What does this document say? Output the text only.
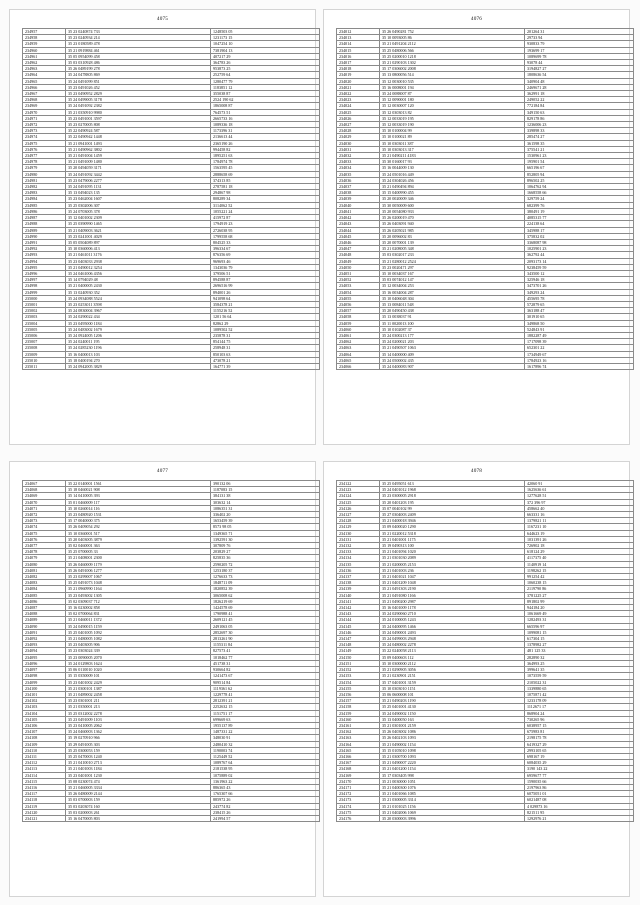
4075
234957	35 23 0240874 733	1248503 05
234958	35 23 0240934 214	1231173 15
234959	35 23 0180589 478	1047254 10
234960	35 21 0919884 461	7381904 13
234961	35 05 0954099 458	407217 29
234962	35 03 0310928 486	364783 26
234963	35 26 0489199 278	953873 25
234964	35 24 0478805 869	252759 64
234965	35 24 0491099 851	1280477 79
234966	35 23 0491026 452	1183851 12
234967	35 23 0490952 2829	355038 87
234968	35 24 0499005 3178	2524 190 62
234969	35 24 0491092 2382	1865008 87
234970	35 21 0350910 9980	764573 51
234971	35 23 0491001 3597	2665733 16
234972	35 23 0270005 808	1089336 18
234973	35 22 0490924 587	1173396 31
234974	35 22 0490942 1448	2136613 44
234975	35 21 0941001 1493	2365190 26
234976	35 21 0490962 3802	994458 82
234977	35 21 0491004 1459	1895251 63
234978	35 21 0491009 1480	1784974 78
234979	35 20 0494059 3171	1563595 45
234980	35 24 0491092 3442	2888658 69
234981	35 23 0479006 2277	374313 85
234982	35 24 0491095 1131	2787581 18
234983	35 13 0494023 135	294867 98
234984	35 23 0462004 1607	808289 34
234985	35 25 0302006 307	3114062 52
234986	35 24 0703005 378	1055221 24
234987	35 12 0401002 2309	415972 87
234988	35 25 0390990 1465	1794919 23
234989	35 21 0409003 3621	2726038 95
234990	35 23 0241001 4029	1799558 68
234991	35 05 0504089 897	804525 33
234992	35 10 0360006 413	396334 67
234993	35 21 0461011 3176	876356 69
234994	35 23 0403033 2938	969693 46
234995	35 21 0490012 3254	1343036 79
234996	35 24 0461006 4356	379506 51
234997	35 14 0794029 48	894588 87
234998	35 21 0400005 2430	2696516 99
234999	35 13 0240930 352	894001 26
235000	35 24 0934088 5524	941098 64
235001	35 23 0253011 3598	3584378 21
235002	35 24 0830004 3967	1155216 52
235003	35 24 0290022 434	1201 56 64
235004	35 23 0495000 1184	82862 29
235005	35 24 0483002 1679	1089502 52
235006	35 24 0924005 1206	235878 31
235007	35 24 0240011 195	854144 75
235008	35 24 0285230 1196	258948 31
235009	35 16 0400013 103	850103 63
235010	35 18 0400194 270	473078 21
235011	35 24 0942005 3829	164771 39
4076
234012	35 26 0490281 752	201264 31
234013	35 10 0093005 86	29733 94
234014	35 21 0491204 2112	930833 79
234015	35 25 0480006 566	193699 17
234016	35 25 0200010 1218	1089699 78
234017	35 21 0290103 1302	93078 44
234018	35 17 0306002 2008	3194827 27
234019	35 13 0800056 514	1808636 54
234020	35 12 0030010 535	340904 48
234021	35 16 0008001 194	2469671 28
234022	35 24 0088007 87	362991 18
234023	35 12 0090001 180	249052 22
234024	35 12 0030007 120	772184 84
234025	35 12 0303013 82	349150 63
234026	35 12 0033019 195	829178 86
234027	35 12 0033019 190	1236006 23
234028	35 10 0100004 99	339898 33
234029	35 10 0100021 89	285474 27
234030	35 10 0303011 387	361598 35
234031	35 10 0303013 317	375541 21
234032	35 21 0490211 4183	1530961 23
234033	35 30 0160017 93	195901 54
234034	35 16 0044009 130	665196 67
234035	35 24 0501016 449	852805 94
234036	35 24 0304026 456	896502 25
234037	35 21 0490494 894	1064762 94
234038	35 15 0400990 455	1668558 66
234039	35 20 0020009 346	329759 24
234040	35 30 0050009 600	682399 76
234041	35 20 0054080 933	380491 19
234042	35 26 0200019 470	4085315 77
234043	35 26 0403091 940	224138 64
234044	35 26 0205021 985	345988 17
234045	35 20 0096002 83	375832 02
234046	35 20 0070001 139	3368087 98
234047	35 21 0208005 348	1025901 23
234048	35 03 0302017 233	362792 44
234049	35 21 0280012 2524	2093173 14
234050	35 23 0020471 297	9238459 59
234051	35 10 0034037 167	343500 12
234052	35 03 0074012 147	325946 18
234053	35 12 0034004 253	3473701 26
234054	35 16 0034004 287	349293 24
234055	35 10 0406048 304	455695 78
234056	35 13 0084011 548	572879 65
234057	35 20 0490450 438	363188 47
234058	35 13 0038037 91	301910 65
234059	35 11 0020013 100	349868 50
234060	35 10 0102087 37	524843 91
234061	35 24 0300213 177	1882287 49
234062	35 24 0200021 203	1717098 39
234063	35 21 0490507 1063	652301 22
234064	35 14 0400000 409	1734949 67
234065	35 24 0500002 435	1784923 16
234066	35 24 0400083 907	1617896 74
4077
234067	35 22 0140001 1561	390132 06
234068	35 18 0460021 908	1187083 15
234069	35 14 0410005 393	384131 38
234070	35 01 0460009 117	303632 14
234071	35 10 0260014 116	1086351 31
234072	35 23 0480920 1531	336402 20
234073	35 17 0040000 375	1653459 39
234074	35 26 0409054 292	8573 98 05
234075	35 10 0360001 517	1349365 71
234076	35 20 0403005 3879	1392591 30
234077	35 02 0460001 363	307809 76
234078	35 25 0700005 33	203829 27
234079	35 21 0408001 2300	825835 36
234080	35 26 0460009 1179	2590205 72
234081	35 26 0491006 1277	1253180 37
234082	35 23 0299007 1067	1276633 73
234083	35 25 0491073 1048	1848711 09
234084	35 21 0960990 1164	1820852 39
234085	35 23 0493002 1305	3065008 62
234086	35 02 0309037 712	1826219 69
234087	35 16 0230002 858	1424578 69
234088	35 02 0700064 831	1790988 41
234089	35 21 0460011 1372	2609121 45
234090	35 24 0490015 1159	2491063 05
234091	35 25 0401005 1092	2852697 30
234092	35 21 0480005 1082	2813261 90
234093	35 23 0403005 906	1155311 84
234094	35 23 0303024 339	827573 41
234095	35 23 0090005 2070	1018462 77
234096	35 24 0129803 1624	451738 31
234097	35 06 0110010 1020	930664 82
234098	35 15 0350009 101	1241473 67
234099	35 23 0401002 2429	909514 84
234100	35 21 0300101 1387	1119361 62
234101	35 21 0489002 2458	1229778 41
234102	35 23 0301001 211	2812391 21
234103	35 21 0350001 213	2252632 15
234104	35 25 0312002 2278	1151751 17
234105	35 23 0491009 1103	699669 63
234106	35 23 0410005 2062	1955137 89
234107	35 24 0460003 1362	1487331 22
234108	35 19 0270910 966	348030 91
234109	35 29 0491005 303	2480410 32
234110	35 25 0300053 159	1190003 74
234111	35 25 0470003 1240	1125449 52
234112	35 21 0410010 2713	1089767 64
234113	35 21 0401003 1184	2181538 95
234114	35 23 0401001 1230	1075889 02
234115	35 08 0230074 474	1361963 22
234116	35 21 0460005 3334	886365 43
234117	35 26 0480009 2144	1765307 66
234118	35 03 0700003 159	885972 26
234119	35 03 0203074 160	243774 82
234120	35 03 0200003 261	238415 26
234121	35 16 0470005 803	241994 57
4078
234122	35 25 0495051 613	42060 91
234123	35 24 0401012 1968	1625636 61
234124	35 23 0300005 2918	1277628 51
234125	35 20 0401203 195	372 396 97
234126	35 07 0040102 99	458662 40
234127	35 27 0304003 2409	663331 16
234128	35 21 0400018 3946	1379821 11
234129	35 09 0400020 1290	1167231 10
234130	35 21 0220012 5318	644623 19
234131	35 21 0401001 1175	1031391 26
234132	35 19 0490313 100	726902 18
234133	35 21 0401094 1020	618124 29
234134	35 21 0301030 2089	4117375 40
234135	35 21 0200005 2153	1140919 14
234136	35 21 0401003 236	1198262 15
234137	35 21 0401021 1047	991254 42
234138	35 21 0401209 1048	1060238 15
234139	35 21 0491303 2190	2119790 86
234140	35 21 0491080 1166	3781225 27
234141	35 21 0490200 2987	891802 99
234142	35 16 0401009 1178	944184 20
234143	35 24 0290060 2710	1061669 49
234144	35 24 0100005 1243	1282493 31
234145	35 24 0400095 1466	665596 97
234146	35 24 0490001 2493	1099081 15
234147	35 24 0499003 2948	617304 15
234148	35 24 0480002 2278	1378982 27
234149	35 22 0240058 2113	481 125 33
234150	35 09 0400603 112	282890 32
234151	35 10 0300000 2112	364993 25
234152	35 21 0290905 3056	399641 35
234153	35 21 0230901 2151	1073559 59
234154	35 17 0401001 3159	2105022 31
234155	35 10 0303010 1151	1339880 65
234156	35 06 0600008 101	1075871 42
234157	35 21 0490203 1190	1233178 09
234158	35 25 0401001 4130	1112671 17
234159	35 24 0490002 1150	868904 24
234160	35 13 0400050 163	730265 96
234161	35 21 0301001 2159	6038957 15
234162	35 26 0403002 1086	675983 81
234163	35 26 0402103 1093	2198175 78
234164	35 21 0490002 1154	6419327 29
234165	35 15 0105010 1098	2993105 65
234166	35 21 0300700 1093	698167 19
234167	35 21 0490007 2220	6084035 29
234168	35 21 0401200 1154	3190 143 22
234169	35 17 0303405 998	6959677 77
234170	35 21 0030000 1051	1590035 66
234171	35 21 0400300 1076	2197963 86
234172	35 21 0401066 1085	6075051 01
234173	35 21 0300005 3314	6021487 08
234174	35 21 0101025 1156	4 029873 16
234175	35 21 0402006 1069	821511 95
234176	35 20 0300003 3996	1292976 21
